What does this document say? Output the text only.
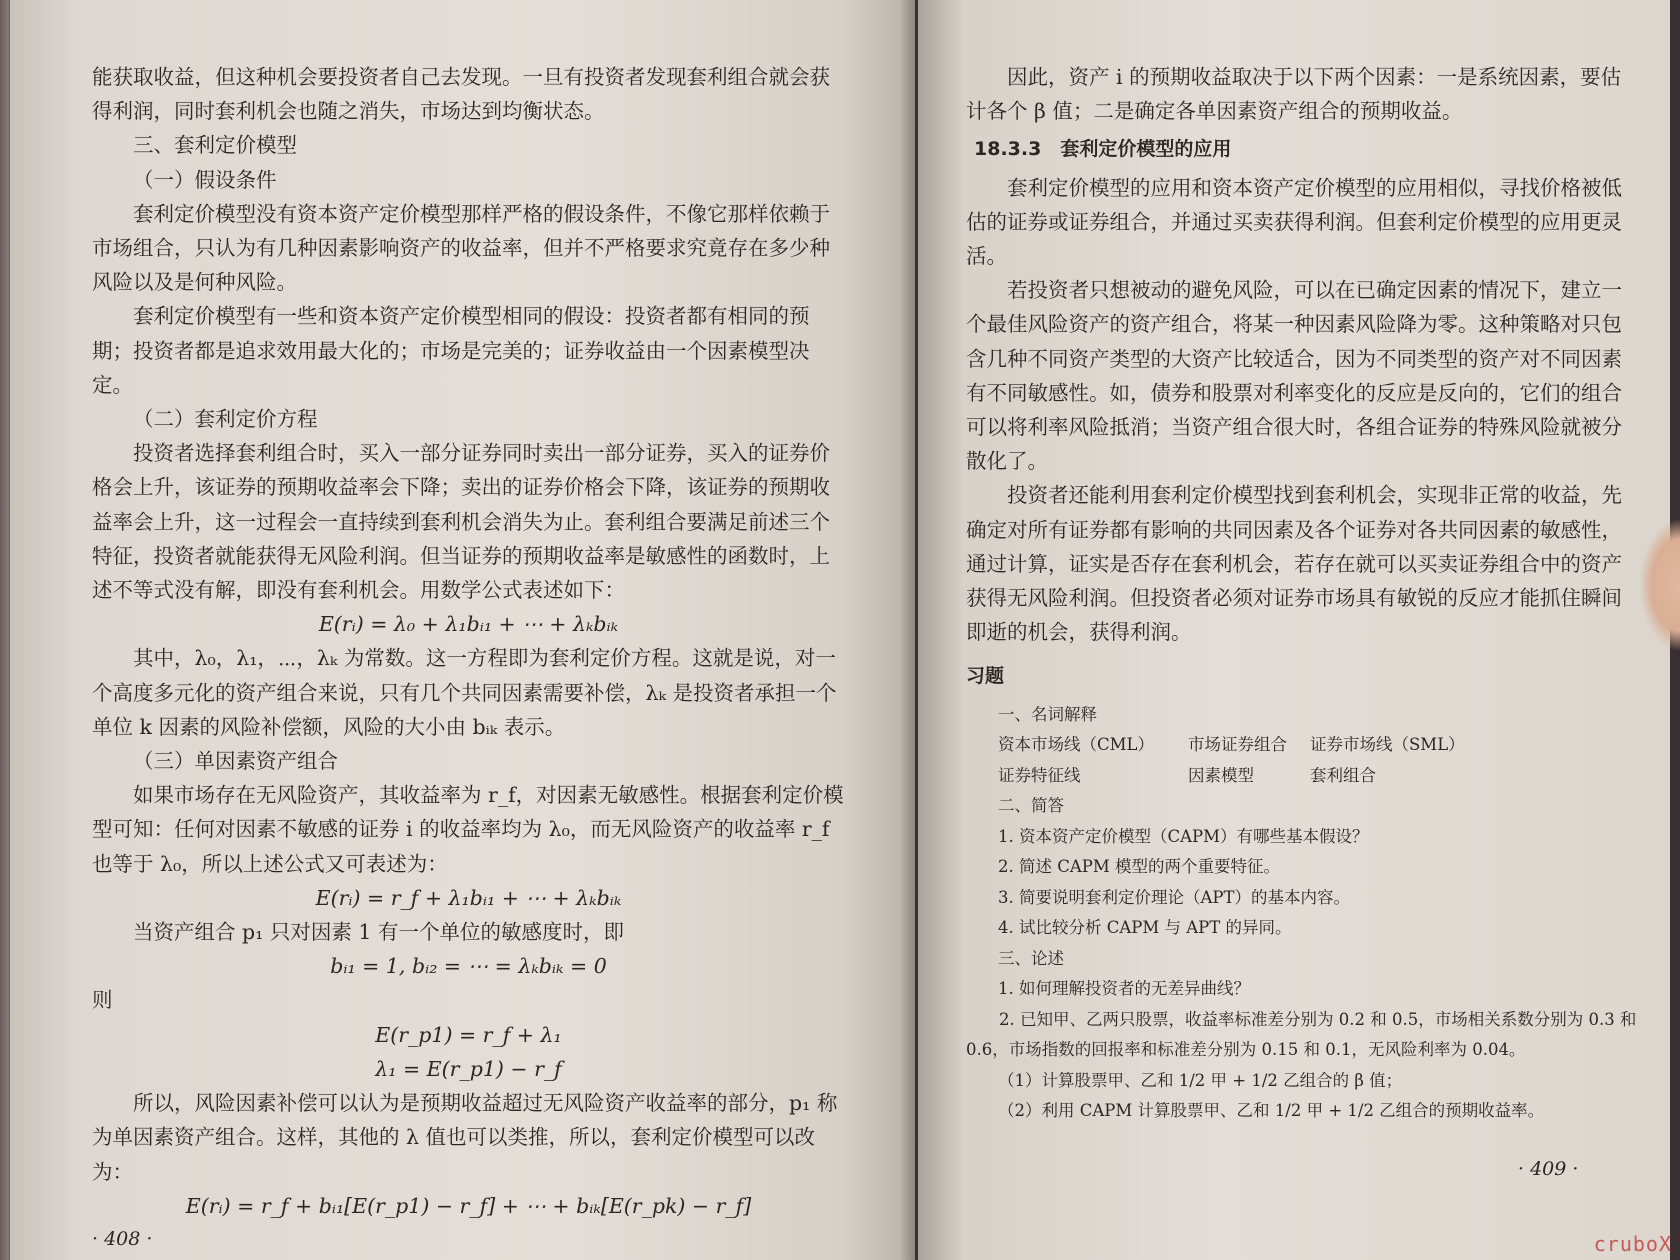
能获取收益，但这种机会要投资者自己去发现。一旦有投资者发现套利组合就会获得利润，同时套利机会也随之消失，市场达到均衡状态。

三、套利定价模型

（一）假设条件

套利定价模型没有资本资产定价模型那样严格的假设条件，不像它那样依赖于市场组合，只认为有几种因素影响资产的收益率，但并不严格要求究竟存在多少种风险以及是何种风险。

套利定价模型有一些和资本资产定价模型相同的假设：投资者都有相同的预期；投资者都是追求效用最大化的；市场是完美的；证券收益由一个因素模型决定。

（二）套利定价方程

投资者选择套利组合时，买入一部分证券同时卖出一部分证券，买入的证券价格会上升，该证券的预期收益率会下降；卖出的证券价格会下降，该证券的预期收益率会上升，这一过程会一直持续到套利机会消失为止。套利组合要满足前述三个特征，投资者就能获得无风险利润。但当证券的预期收益率是敏感性的函数时，上述不等式没有解，即没有套利机会。用数学公式表述如下：

E(rᵢ) = λ₀ + λ₁bᵢ₁ + ⋯ + λₖbᵢₖ

其中，λ₀，λ₁，⋯，λₖ 为常数。这一方程即为套利定价方程。这就是说，对一个高度多元化的资产组合来说，只有几个共同因素需要补偿，λₖ 是投资者承担一个单位 k 因素的风险补偿额，风险的大小由 bᵢₖ 表示。

（三）单因素资产组合

如果市场存在无风险资产，其收益率为 r_f，对因素无敏感性。根据套利定价模型可知：任何对因素不敏感的证券 i 的收益率均为 λ₀，而无风险资产的收益率 r_f 也等于 λ₀，所以上述公式又可表述为：

E(rᵢ) = r_f + λ₁bᵢ₁ + ⋯ + λₖbᵢₖ

当资产组合 p₁ 只对因素 1 有一个单位的敏感度时，即

bᵢ₁ = 1, bᵢ₂ = ⋯ = λₖbᵢₖ = 0

则

E(r_p1) = r_f + λ₁

λ₁ = E(r_p1) − r_f

所以，风险因素补偿可以认为是预期收益超过无风险资产收益率的部分，p₁ 称为单因素资产组合。这样，其他的 λ 值也可以类推，所以，套利定价模型可以改为：

E(rᵢ) = r_f + bᵢ₁[E(r_p1) − r_f] + ⋯ + bᵢₖ[E(r_pk) − r_f]

· 408 ·

因此，资产 i 的预期收益取决于以下两个因素：一是系统因素，要估计各个 β 值；二是确定各单因素资产组合的预期收益。

18.3.3　套利定价模型的应用

套利定价模型的应用和资本资产定价模型的应用相似，寻找价格被低估的证券或证券组合，并通过买卖获得利润。但套利定价模型的应用更灵活。

若投资者只想被动的避免风险，可以在已确定因素的情况下，建立一个最佳风险资产的资产组合，将某一种因素风险降为零。这种策略对只包含几种不同资产类型的大资产比较适合，因为不同类型的资产对不同因素有不同敏感性。如，债券和股票对利率变化的反应是反向的，它们的组合可以将利率风险抵消；当资产组合很大时，各组合证券的特殊风险就被分散化了。

投资者还能利用套利定价模型找到套利机会，实现非正常的收益，先确定对所有证券都有影响的共同因素及各个证券对各共同因素的敏感性，通过计算，证实是否存在套利机会，若存在就可以买卖证券组合中的资产获得无风险利润。但投资者必须对证券市场具有敏锐的反应才能抓住瞬间即逝的机会，获得利润。

习题

一、名词解释

资本市场线（CML）	市场证券组合	证券市场线（SML）
证券特征线	因素模型	套利组合

二、简答

1. 资本资产定价模型（CAPM）有哪些基本假设？

2. 简述 CAPM 模型的两个重要特征。

3. 简要说明套利定价理论（APT）的基本内容。

4. 试比较分析 CAPM 与 APT 的异同。

三、论述

1. 如何理解投资者的无差异曲线？

2. 已知甲、乙两只股票，收益率标准差分别为 0.2 和 0.5，市场相关系数分别为 0.3 和 0.6，市场指数的回报率和标准差分别为 0.15 和 0.1，无风险利率为 0.04。

（1）计算股票甲、乙和 1/2 甲 + 1/2 乙组合的 β 值；

（2）利用 CAPM 计算股票甲、乙和 1/2 甲 + 1/2 乙组合的预期收益率。

· 409 ·
cruboX
